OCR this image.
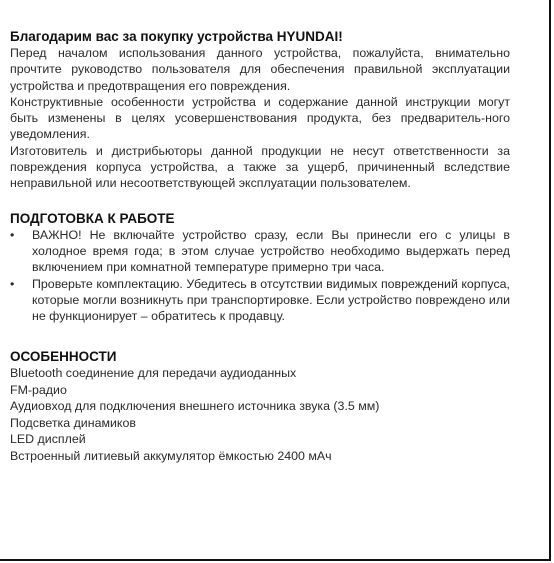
Благодарим вас за покупку устройства HYUNDAI!

Перед началом использования данного устройства, пожалуйста, внимательно прочтите руководство пользователя для обеспечения правильной эксплуатации устройства и предотвращения его повреждения.

Конструктивные особенности устройства и содержание данной инструкции могут быть изменены в целях усовершенствования продукта, без предваритель-ного уведомления.

Изготовитель и дистрибьюторы данной продукции не несут ответственности за повреждения корпуса устройства, а также за ущерб, причиненный вследствие неправильной или несоответствующей эксплуатации пользователем.

ПОДГОТОВКА К РАБОТЕ
• ВАЖНО! Не включайте устройство сразу, если Вы принесли его с улицы в холодное время года; в этом случае устройство необходимо выдержать перед включением при комнатной температуре примерно три часа.
• Проверьте комплектацию. Убедитесь в отсутствии видимых повреждений корпуса, которые могли возникнуть при транспортировке. Если устройство повреждено или не функционирует – обратитесь к продавцу.
ОСОБЕННОСТИ
Bluetooth соединение для передачи аудиоданных
FM-радио
Аудиовход для подключения внешнего источника звука (3.5 мм)
Подсветка динамиков
LED дисплей
Встроенный литиевый аккумулятор ёмкостью 2400 мАч
